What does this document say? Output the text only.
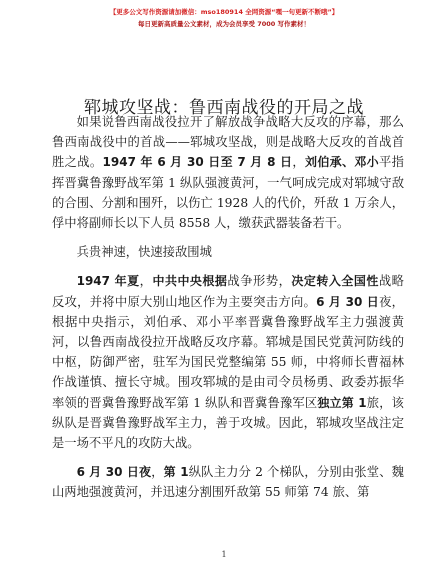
【更多公文写作资源请加微信：mso180914 全网资源“嘿一句更新不断哦”】
每日更新高质量公文素材，成为会员享受 7000 写作素材！
郓城攻坚战：鲁西南战役的开局之战

如果说鲁西南战役拉开了解放战争战略大反攻的序幕，那么鲁西南战役中的首战——郓城攻坚战，则是战略大反攻的首战首胜之战。1947 年 6 月 30 日至 7 月 8 日，刘伯承、邓小平指挥晋冀鲁豫野战军第 1 纵队强渡黄河，一气呵成完成对郓城守敌的合围、分割和围歼，以伤亡 1928 人的代价，歼敌 1 万余人，俘中将副师长以下人员 8558 人，缴获武器装备若干。

兵贵神速，快速接敌围城

1947 年夏，中共中央根据战争形势，决定转入全国性战略反攻，并将中原大别山地区作为主要突击方向。6 月 30 日夜，根据中央指示，刘伯承、邓小平率晋冀鲁豫野战军主力强渡黄河，以鲁西南战役拉开战略反攻序幕。郓城是国民党黄河防线的中枢，防御严密，驻军为国民党整编第 55 师，中将师长曹福林作战谨慎、擅长守城。围攻郓城的是由司令员杨勇、政委苏振华率领的晋冀鲁豫野战军第 1 纵队和晋冀鲁豫军区独立第 1旅，该纵队是晋冀鲁豫野战军主力，善于攻城。因此，郓城攻坚战注定是一场不平凡的攻防大战。

6 月 30 日夜，第 1纵队主力分 2 个梯队，分别由张堂、魏山两地强渡黄河，并迅速分割围歼敌第 55 师第 74 旅、第

1
